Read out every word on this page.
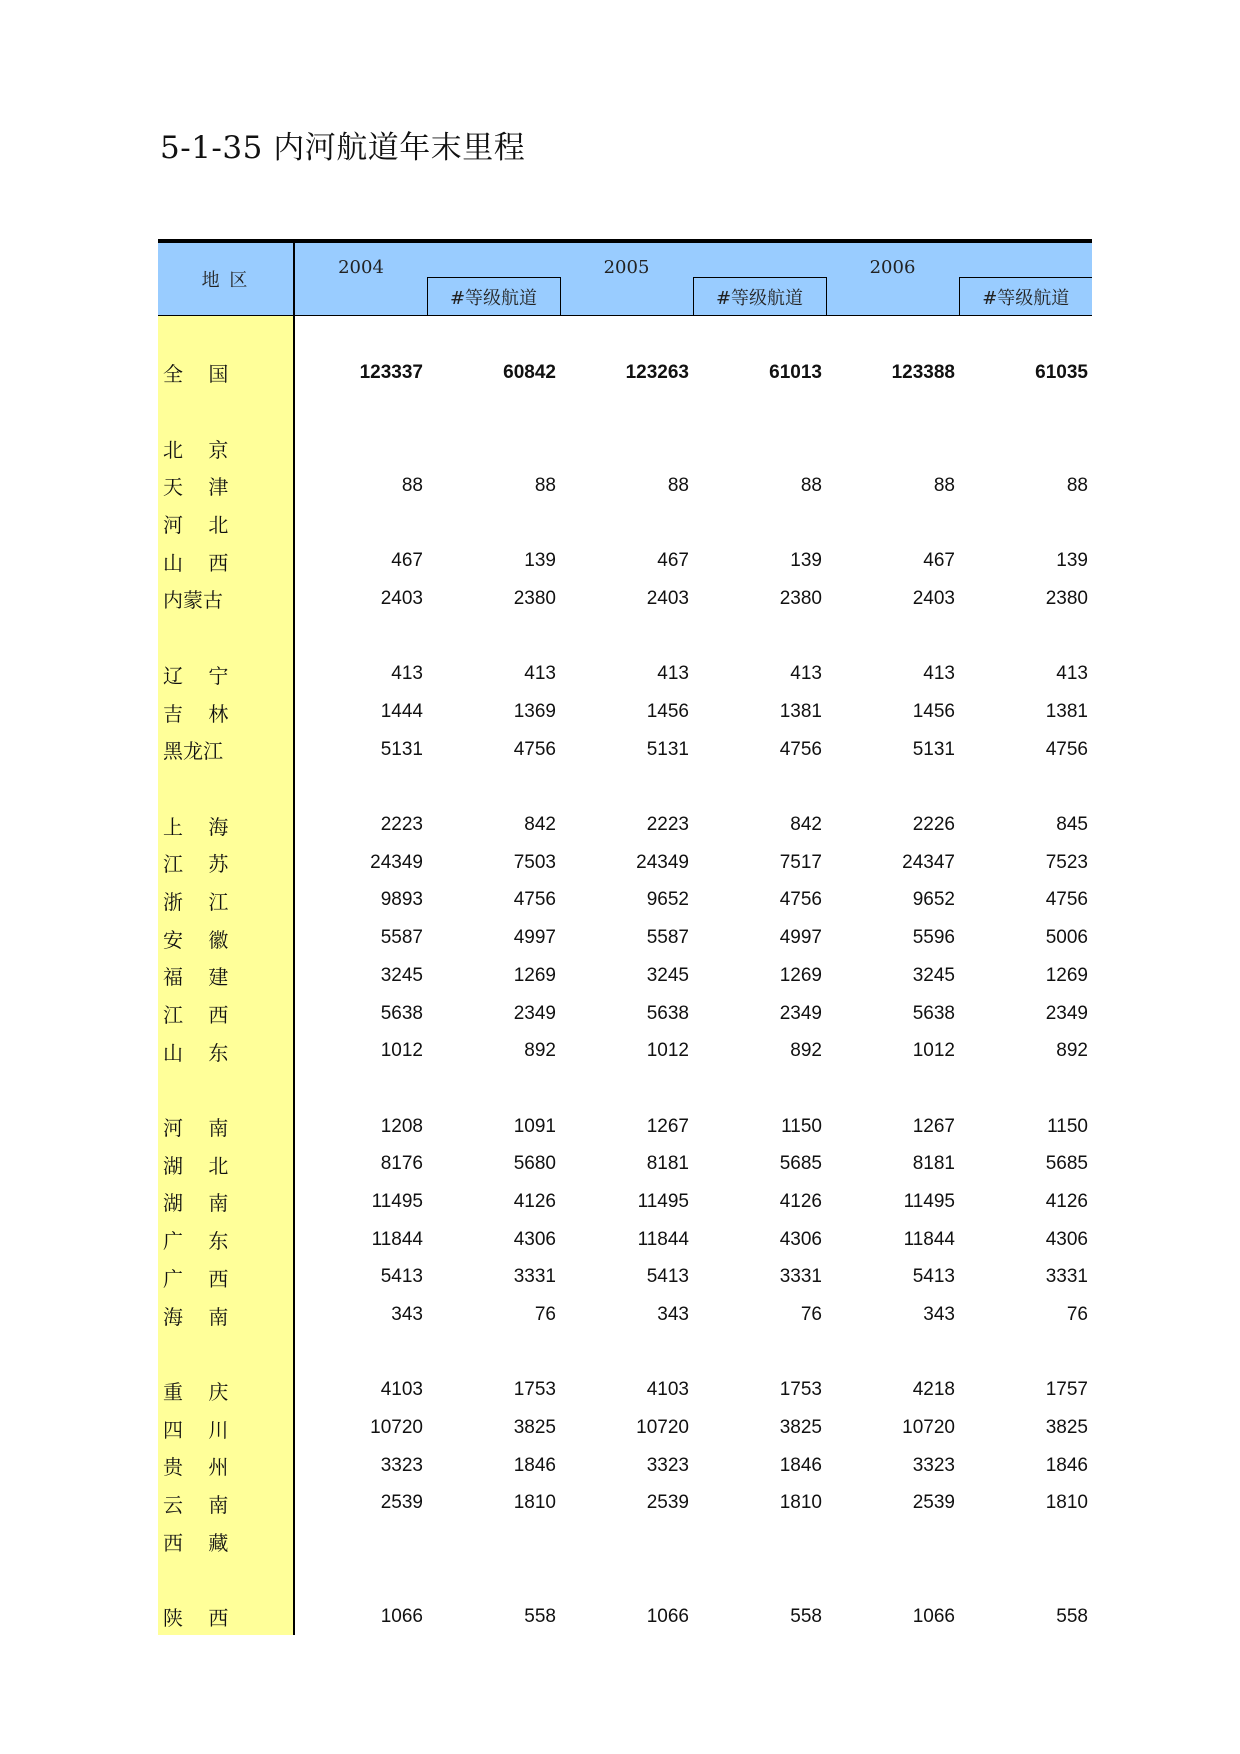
5-1-35 内河航道年末里程
地 区	2004		2005		2006	
		#等级航道		#等级航道		#等级航道

全    国	123337	60842	123263	61013	123388	61035

北    京						
天    津	88	88	88	88	88	88
河    北						
山    西	467	139	467	139	467	139
内蒙古	2403	2380	2403	2380	2403	2380

辽    宁	413	413	413	413	413	413
吉    林	1444	1369	1456	1381	1456	1381
黑龙江	5131	4756	5131	4756	5131	4756

上    海	2223	842	2223	842	2226	845
江    苏	24349	7503	24349	7517	24347	7523
浙    江	9893	4756	9652	4756	9652	4756
安    徽	5587	4997	5587	4997	5596	5006
福    建	3245	1269	3245	1269	3245	1269
江    西	5638	2349	5638	2349	5638	2349
山    东	1012	892	1012	892	1012	892

河    南	1208	1091	1267	1150	1267	1150
湖    北	8176	5680	8181	5685	8181	5685
湖    南	11495	4126	11495	4126	11495	4126
广    东	11844	4306	11844	4306	11844	4306
广    西	5413	3331	5413	3331	5413	3331
海    南	343	76	343	76	343	76

重    庆	4103	1753	4103	1753	4218	1757
四    川	10720	3825	10720	3825	10720	3825
贵    州	3323	1846	3323	1846	3323	1846
云    南	2539	1810	2539	1810	2539	1810
西    藏						

陕    西	1066	558	1066	558	1066	558
